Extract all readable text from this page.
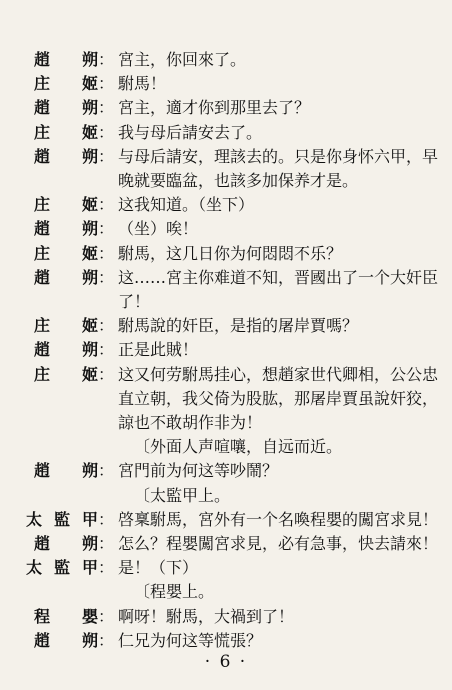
趙　朔 ： 宮主，你回來了。
庄　姬 ： 駙馬！
趙　朔 ： 宮主，適才你到那里去了？
庄　姬 ： 我与母后請安去了。
趙　朔 ： 与母后請安，理該去的。只是你身怀六甲，早
晚就要臨盆，也該多加保养才是。
庄　姬 ： 这我知道。（坐下）
趙　朔 ： （坐）唉！
庄　姬 ： 駙馬，这几日你为何悶悶不乐？
趙　朔 ： 这……宮主你难道不知，晋國出了一个大奸臣
了！
庄　姬 ： 駙馬說的奸臣，是指的屠岸賈嗎？
趙　朔 ： 正是此賊！
庄　姬 ： 这又何劳駙馬挂心，想趙家世代卿相，公公忠
直立朝，我父倚为股肱，那屠岸賈虽說奸狡，
諒也不敢胡作非为！
〔外面人声喧嚷，自远而近。
趙　朔 ： 宮門前为何这等吵鬧？
〔太監甲上。
太監甲 ： 啓稟駙馬，宮外有一个名喚程嬰的闖宮求見！
趙　朔 ： 怎么？程嬰闖宮求見，必有急事，快去請來！
太監甲 ： 是！（下）
〔程嬰上。
程　嬰 ： 啊呀！駙馬，大禍到了！
趙　朔 ： 仁兄为何这等慌張？
· 6 ·
